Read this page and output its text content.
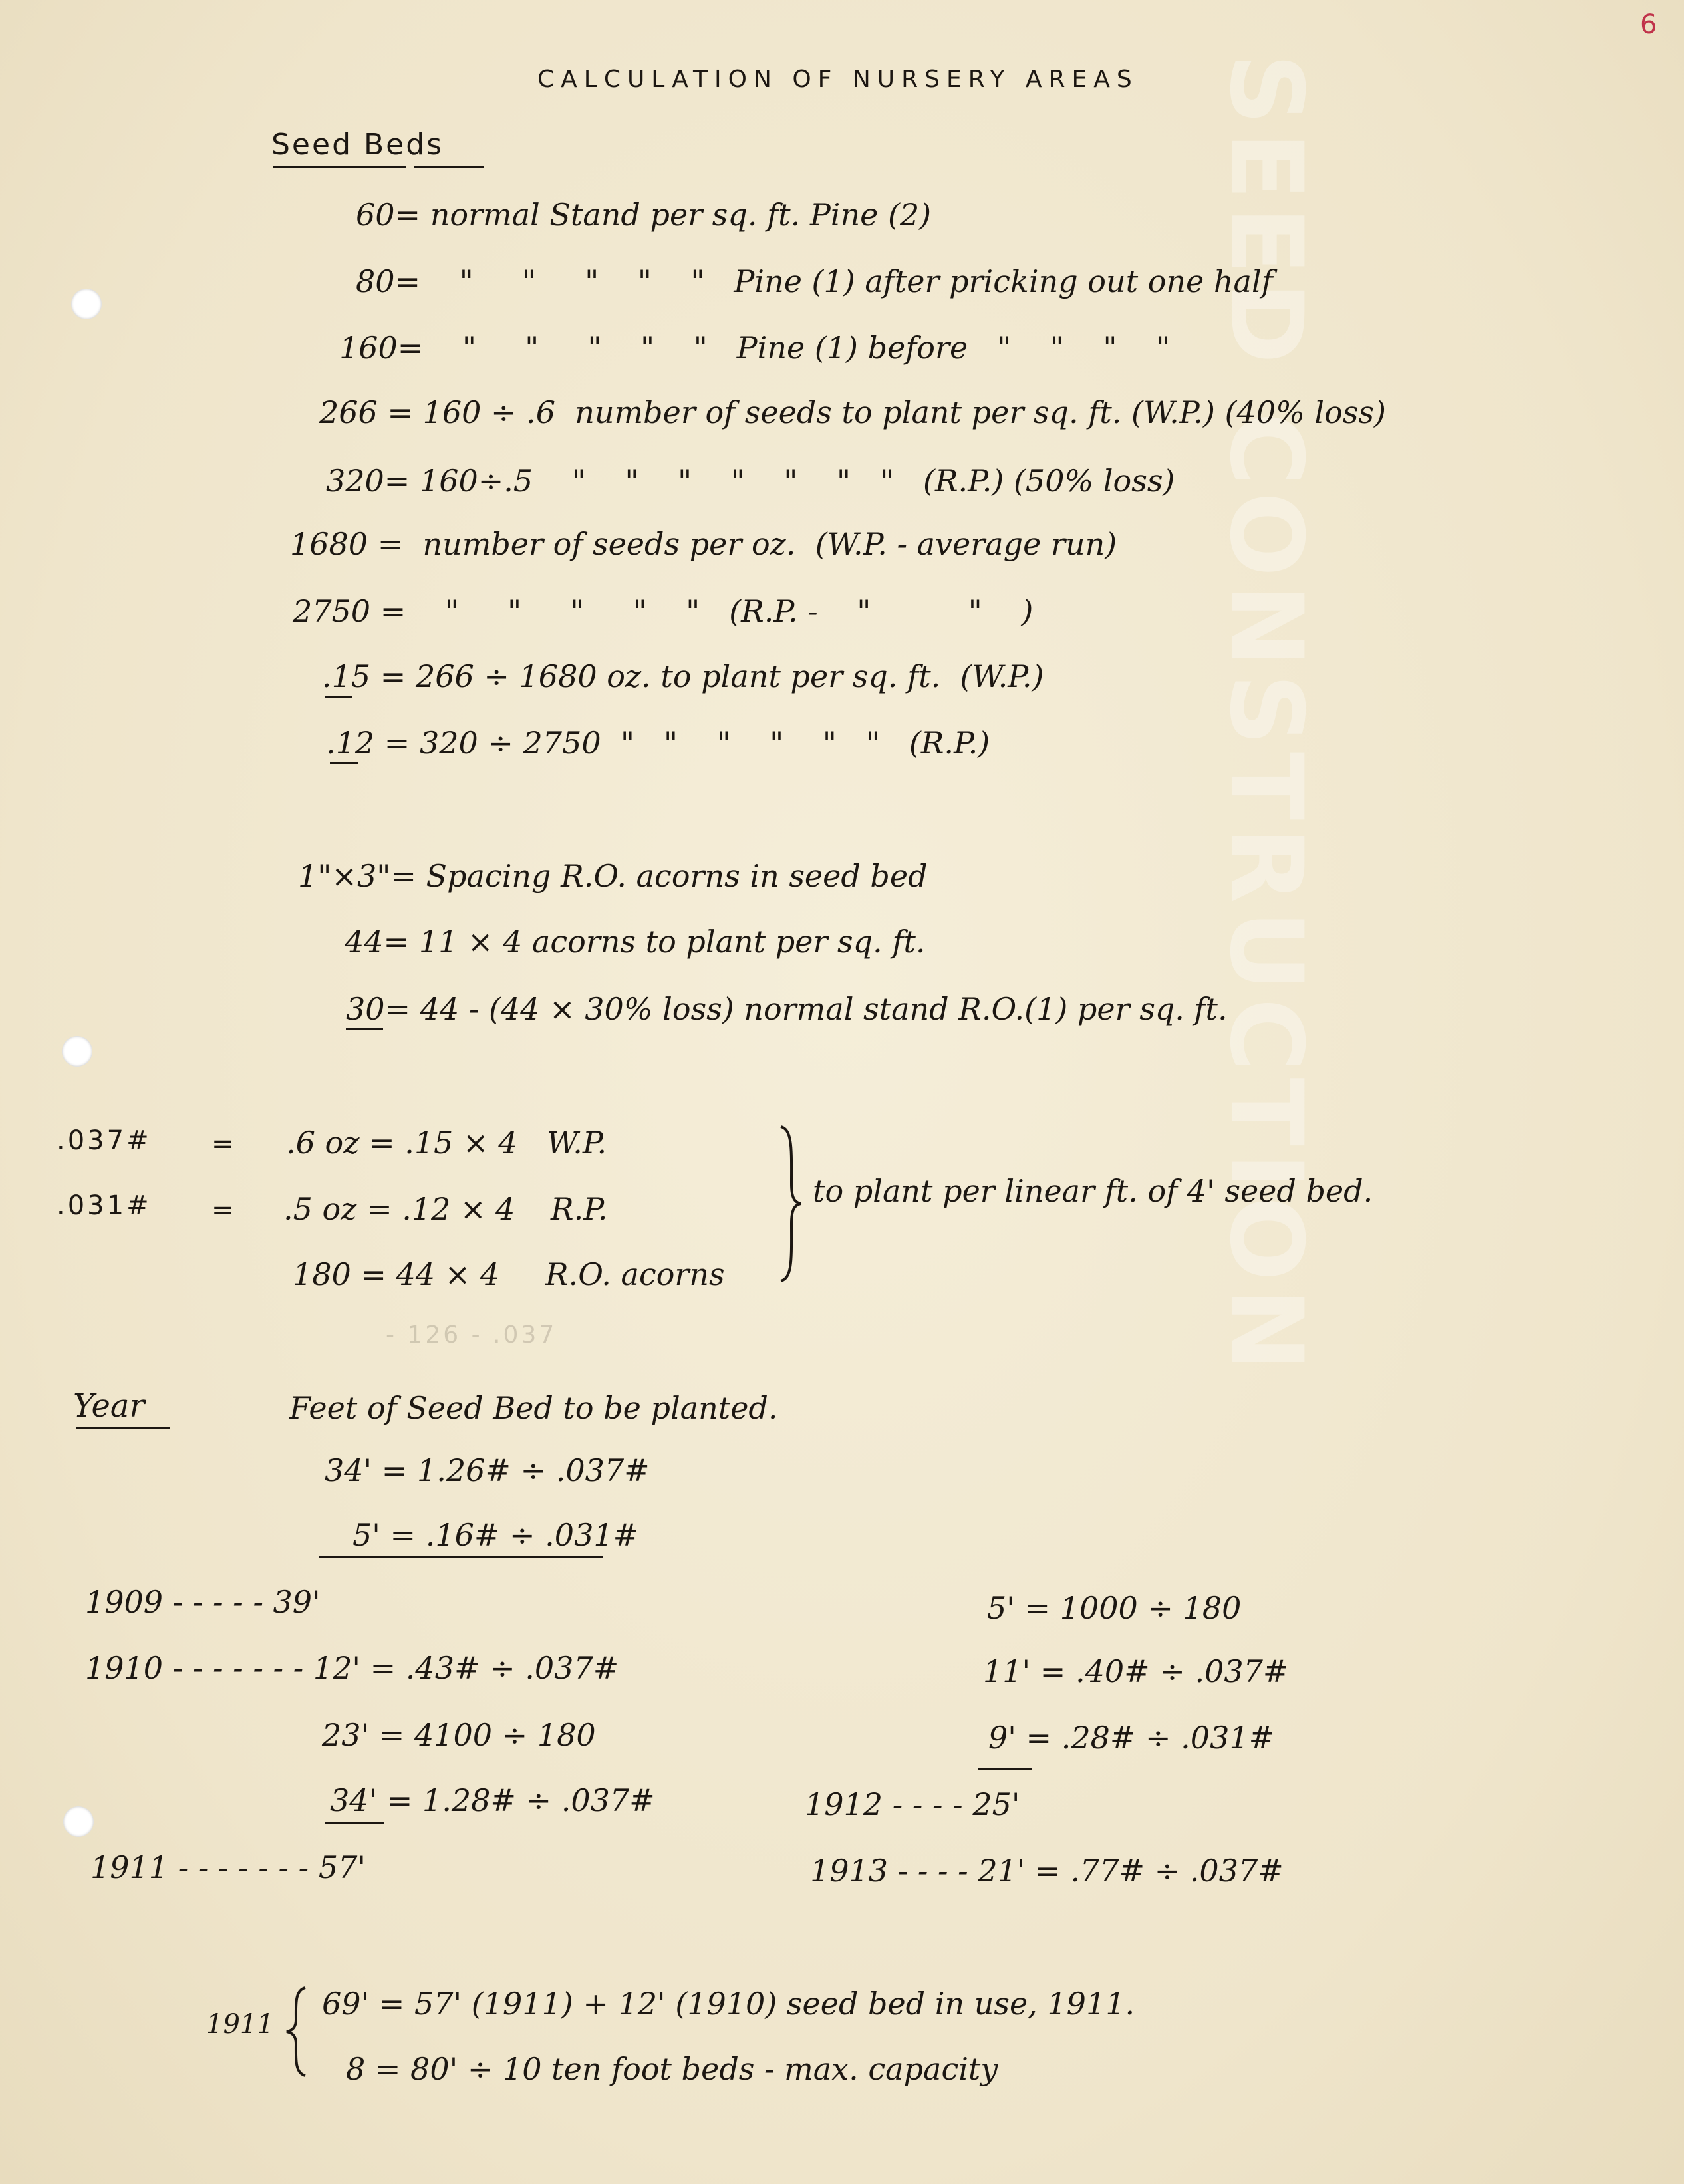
SEED CONSTRUCTION
6
CALCULATION OF NURSERY AREAS
Seed Beds
60= normal Stand per sq. ft. Pine (2)
80=    "     "     "    "    "   Pine (1) after pricking out one half
160=    "     "     "    "    "   Pine (1) before   "    "    "    "
266 = 160 ÷ .6  number of seeds to plant per sq. ft. (W.P.) (40% loss)
320= 160÷.5    "    "    "    "    "    "   "   (R.P.) (50% loss)
1680 =  number of seeds per oz.  (W.P. - average run)
2750 =    "     "     "     "    "   (R.P. -    "          "    )
.15 = 266 ÷ 1680 oz. to plant per sq. ft.  (W.P.)
.12 = 320 ÷ 2750  "   "    "    "    "   "   (R.P.)
1"×3"= Spacing R.O. acorns in seed bed
44= 11 × 4 acorns to plant per sq. ft.
30= 44 - (44 × 30% loss) normal stand R.O.(1) per sq. ft.
.037# = .6 oz = .15 × 4 W.P.
.031# = .5 oz = .12 × 4 R.P.
180 = 44 × 4 R.O. acorns
to plant per linear ft. of 4' seed bed.
- 126 - .037
Year	Feet of Seed Bed to be planted.
34' = 1.26# ÷ .037#
5' = .16# ÷ .031#
1909 - - - - - 39'
1910 - - - - - - - 12' = .43# ÷ .037#
23' = 4100 ÷ 180
34' = 1.28# ÷ .037#
1911 - - - - - - - 57'
5' = 1000 ÷ 180
11' = .40# ÷ .037#
9' = .28# ÷ .031#
1912 - - - - 25'
1913 - - - - 21' = .77# ÷ .037#
1911
69' = 57' (1911) + 12' (1910) seed bed in use, 1911.
8 = 80' ÷ 10 ten foot beds - max. capacity
